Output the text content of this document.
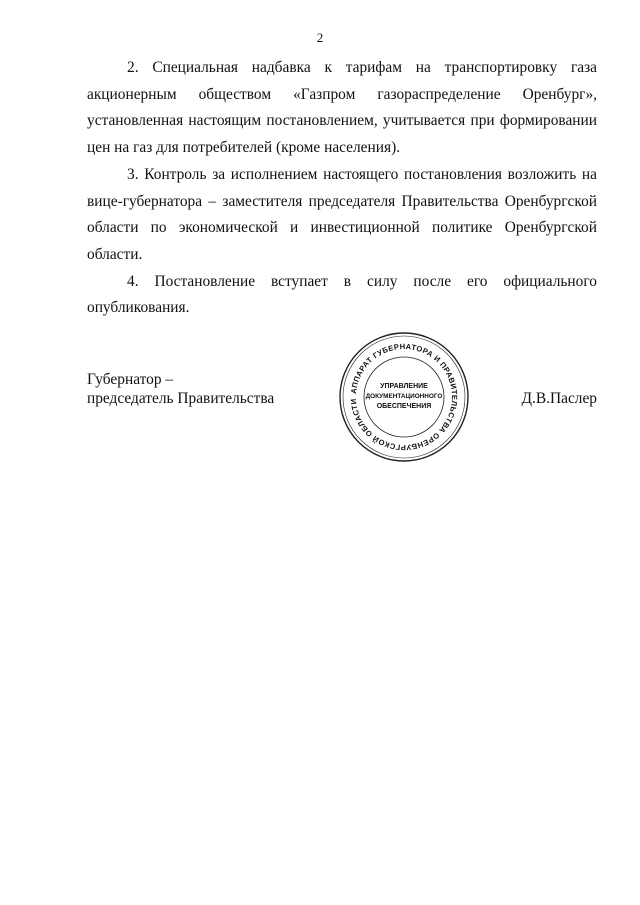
2

2. Специальная надбавка к тарифам на транспортировку газа акционерным обществом «Газпром газораспределение Оренбург», установленная настоящим постановлением, учитывается при формировании цен на газ для потребителей (кроме населения).

3. Контроль за исполнением настоящего постановления возложить на вице-губернатора – заместителя председателя Правительства Оренбургской области по экономической и инвестиционной политике Оренбургской области.

4. Постановление вступает в силу после его официального опубликования.

Губернатор –
председатель Правительства	АППАРАТ ГУБЕРНАТОРА И ПРАВИТЕЛЬСТВА ОРЕНБУРГСКОЙ ОБЛАСТИ
УПРАВЛЕНИЕ
ДОКУМЕНТАЦИОННОГО
ОБЕСПЕЧЕНИЯ	Д.В.Паслер
